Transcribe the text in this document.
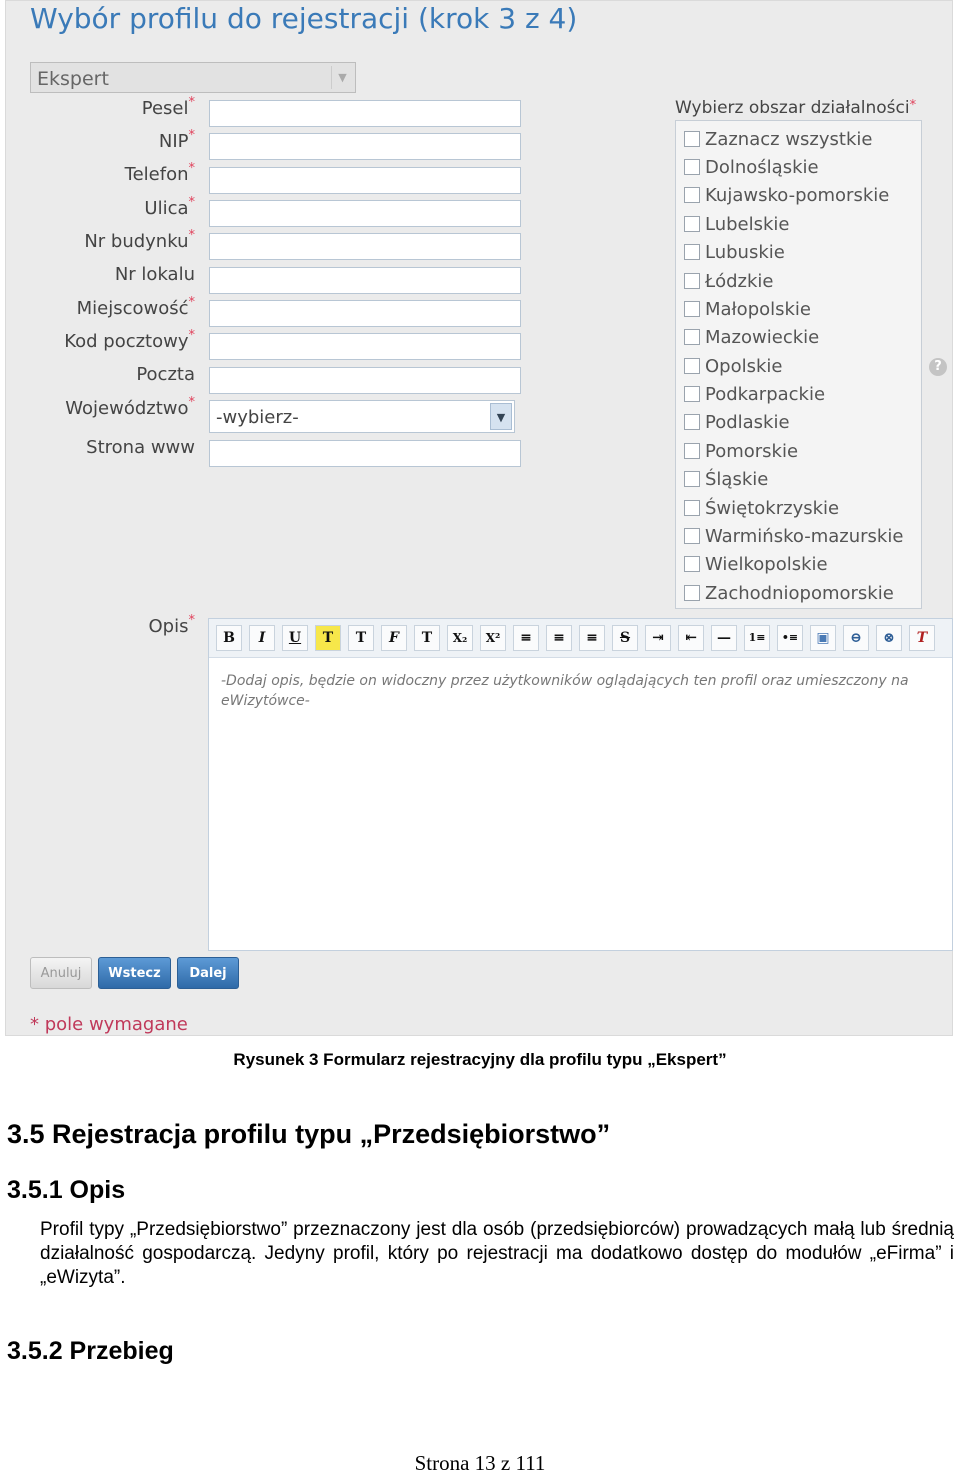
Wybór profilu do rejestracji (krok 3 z 4)
Ekspert	▼
Pesel*
NIP*
Telefon*
Ulica*
Nr budynku*
Nr lokalu
Miejscowość*
Kod pocztowy*
Poczta
Województwo*
-wybierz-	▼
Strona www
Wybierz obszar działalności*
Zaznacz wszystkie
Dolnośląskie
Kujawsko-pomorskie
Lubelskie
Lubuskie
Łódzkie
Małopolskie
Mazowieckie
Opolskie
Podkarpackie
Podlaskie
Pomorskie
Śląskie
Świętokrzyskie
Warmińsko-mazurskie
Wielkopolskie
Zachodniopomorskie
?
Opis*
B	I	U	T	T	F	T	X₂	X²	≡	≡	≡	S	⇥	⇤	—	1≡	•≡	▣	⊖	⊗	T
-Dodaj opis, będzie on widoczny przez użytkowników oglądających ten profil oraz umieszczony na eWizytówce-
Anuluj	Wstecz	Dalej
* pole wymagane
Rysunek 3 Formularz rejestracyjny dla profilu typu „Ekspert”
3.5 Rejestracja profilu typu „Przedsiębiorstwo”
3.5.1 Opis
Profil typy „Przedsiębiorstwo” przeznaczony jest dla osób (przedsiębiorców) prowadzących małą lub średnią działalność gospodarczą. Jedyny profil, który po rejestracji ma dodatkowo dostęp do modułów „eFirma” i „eWizyta”.
3.5.2 Przebieg
Strona 13 z 111
